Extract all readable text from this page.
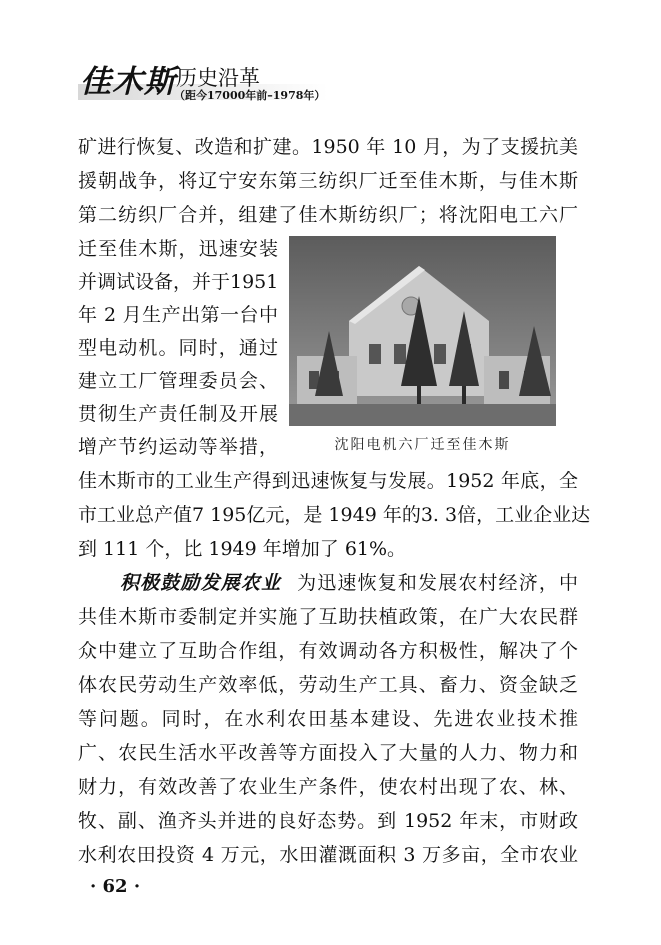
佳木斯 历史沿革
（距今17000年前–1978年）
矿进行恢复、改造和扩建。1950 年 10 月，为了支援抗美
援朝战争，将辽宁安东第三纺织厂迁至佳木斯，与佳木斯
第二纺织厂合并，组建了佳木斯纺织厂；将沈阳电工六厂
迁至佳木斯，迅速安装
并调试设备，并于1951
年 2 月生产出第一台中
型电动机。同时，通过
建立工厂管理委员会、
贯彻生产责任制及开展
增产节约运动等举措，	沈阳电机六厂迁至佳木斯
佳木斯市的工业生产得到迅速恢复与发展。1952 年底，全
市工业总产值7 195亿元，是 1949 年的3. 3倍，工业企业达
到 111 个，比 1949 年增加了 61%。
积极鼓励发展农业 为迅速恢复和发展农村经济，中
共佳木斯市委制定并实施了互助扶植政策，在广大农民群
众中建立了互助合作组，有效调动各方积极性，解决了个
体农民劳动生产效率低，劳动生产工具、畜力、资金缺乏
等问题。同时，在水利农田基本建设、先进农业技术推
广、农民生活水平改善等方面投入了大量的人力、物力和
财力，有效改善了农业生产条件，使农村出现了农、林、
牧、副、渔齐头并进的良好态势。到 1952 年末，市财政
水利农田投资 4 万元，水田灌溉面积 3 万多亩，全市农业
· 62 ·
